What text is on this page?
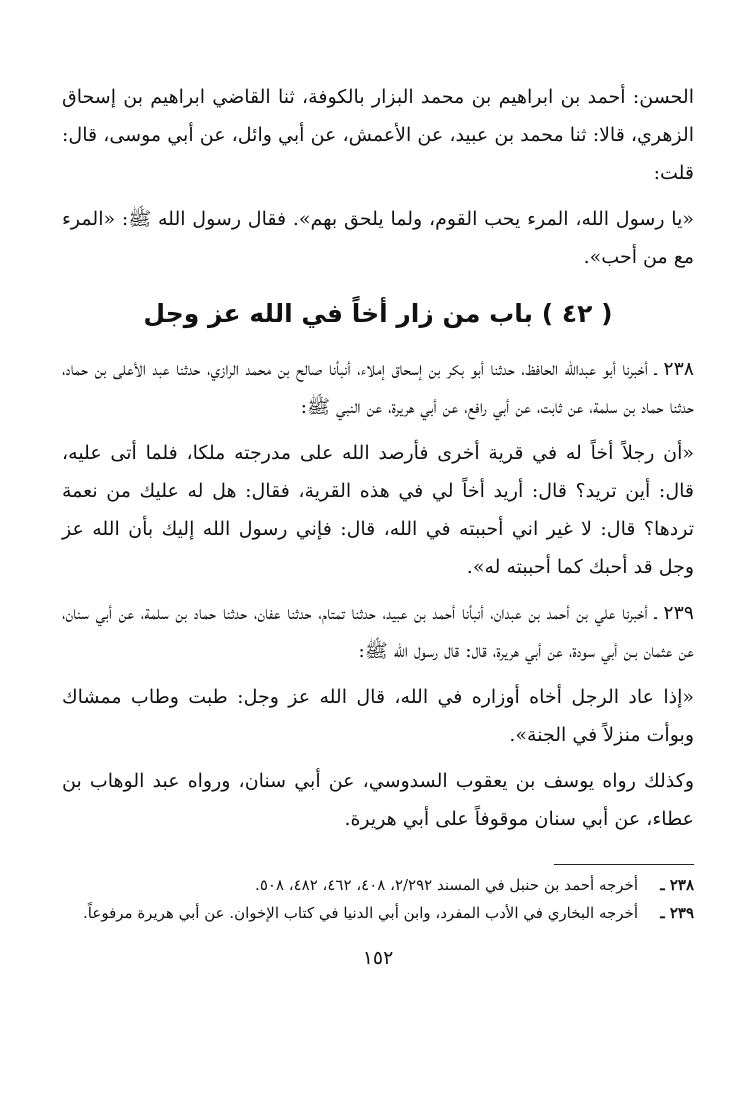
الحسن: أحمد بن ابراهيم بن محمد البزار بالكوفة، ثنا القاضي ابراهيم بن إسحاق الزهري، قالا: ثنا محمد بن عبيد، عن الأعمش، عن أبي وائل، عن أبي موسى، قال: قلت:

«يا رسول الله، المرء يحب القوم، ولما يلحق بهم». فقال رسول الله ﷺ: «المرء مع من أحب».

( ٤٢ ) باب من زار أخاً في الله عز وجل

٢٣٨ ـ أخبرنا أبو عبدالله الحافظ، حدثنا أبو بكر بن إسحاق إملاء، أنبأنا صالح بن محمد الرازي، حدثنا عبد الأعلى بن حماد، حدثنا حماد بن سلمة، عن ثابت، عن أبي رافع، عن أبي هريرة، عن النبي ﷺ:

«أن رجلاً أخاً له في قرية أخرى فأرصد الله على مدرجته ملكا، فلما أتى عليه، قال: أين تريد؟ قال: أريد أخاً لي في هذه القرية، فقال: هل له عليك من نعمة تردها؟ قال: لا غير اني أحببته في الله، قال: فإني رسول الله إليك بأن الله عز وجل قد أحبك كما أحببته له».

٢٣٩ ـ أخبرنا علي بن أحمد بن عبدان، أنبأنا أحمد بن عبيد، حدثنا تمتام، حدثنا عفان، حدثنا حماد بن سلمة، عن أبي سنان، عن عثمان بـن أبي سودة، عن أبي هريرة، قال: قال رسول الله ﷺ:

«إذا عاد الرجل أخاه أوزاره في الله، قال الله عز وجل: طبت وطاب ممشاك وبوأت منزلاً في الجنة».

وكذلك رواه يوسف بن يعقوب السدوسي، عن أبي سنان، ورواه عبد الوهاب بن عطاء، عن أبي سنان موقوفاً على أبي هريرة.

٢٣٨ ـ
أخرجه أحمد بن حنبل في المسند ٢/٢٩٢، ٤٠٨، ٤٦٢، ٤٨٢، ٥٠٨.
٢٣٩ ـ
أخرجه البخاري في الأدب المفرد، وابن أبي الدنيا في كتاب الإخوان. عن أبي هريرة مرفوعاً.
١٥٢
